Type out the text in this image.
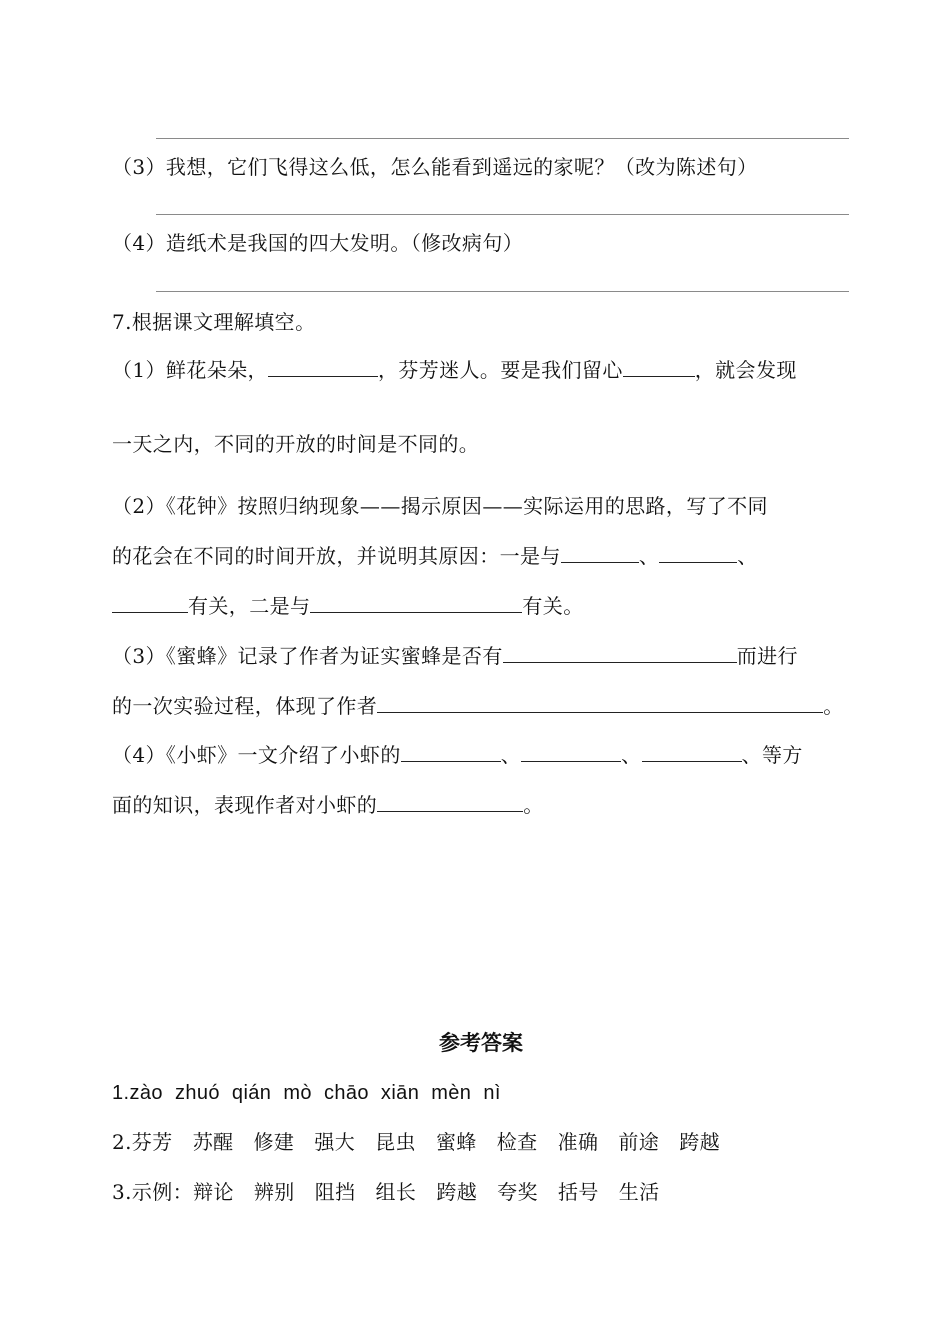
（3）我想，它们飞得这么低，怎么能看到遥远的家呢？（改为陈述句）
（4）造纸术是我国的四大发明。（修改病句）
7.根据课文理解填空。
（1）鲜花朵朵，	，芬芳迷人。要是我们留心	，就会发现
一天之内，不同的开放的时间是不同的。
（2）《花钟》按照归纳现象——揭示原因——实际运用的思路，写了不同
的花会在不同的时间开放，并说明其原因：一是与	、	、
有关，二是与	有关。
（3）《蜜蜂》记录了作者为证实蜜蜂是否有	而进行
的一次实验过程，体现了作者	。
（4）《小虾》一文介绍了小虾的	、	、	、等方
面的知识，表现作者对小虾的	。
参考答案
1.zào zhuó qián mò chāo xiān mèn nì
2.芬芳 苏醒 修建 强大 昆虫 蜜蜂 检查 准确 前途 跨越
3.示例：辩论 辨别 阻挡 组长 跨越 夸奖 括号 生活
